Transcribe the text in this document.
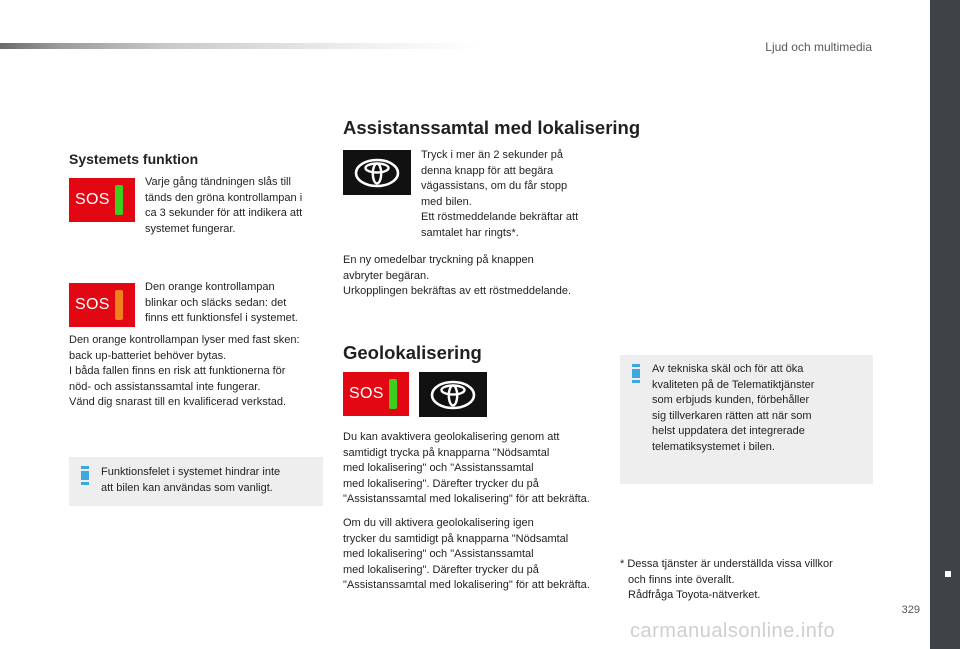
Ljud och multimedia
329
carmanualsonline.info
Systemets funktion
SOS

Varje gång tändningen slås till

tänds den gröna kontrollampan i

ca 3 sekunder för att indikera att

systemet fungerar.

SOS

Den orange kontrollampan

blinkar och släcks sedan: det

finns ett funktionsfel i systemet.

Den orange kontrollampan lyser med fast sken:

back up-batteriet behöver bytas.

I båda fallen finns en risk att funktionerna för

nöd- och assistanssamtal inte fungerar.

Vänd dig snarast till en kvalificerad verkstad.

Funktionsfelet i systemet hindrar inte

att bilen kan användas som vanligt.

Assistanssamtal med lokalisering

Tryck i mer än 2 sekunder på

denna knapp för att begära

vägassistans, om du får stopp

med bilen.

Ett röstmeddelande bekräftar att

samtalet har ringts*.

En ny omedelbar tryckning på knappen

avbryter begäran.

Urkopplingen bekräftas av ett röstmeddelande.

Geolokalisering
SOS

Du kan avaktivera geolokalisering genom att

samtidigt trycka på knapparna "Nödsamtal

med lokalisering" och "Assistanssamtal

med lokalisering". Därefter trycker du på

"Assistanssamtal med lokalisering" för att bekräfta.

Om du vill aktivera geolokalisering igen

trycker du samtidigt på knapparna "Nödsamtal

med lokalisering" och "Assistanssamtal

med lokalisering". Därefter trycker du på

"Assistanssamtal med lokalisering" för att bekräfta.

Av tekniska skäl och för att öka

kvaliteten på de Telematiktjänster

som erbjuds kunden, förbehåller

sig tillverkaren rätten att när som

helst uppdatera det integrerade

telematiksystemet i bilen.

* Dessa tjänster är underställda vissa villkor

och finns inte överallt.

Rådfråga Toyota-nätverket.
